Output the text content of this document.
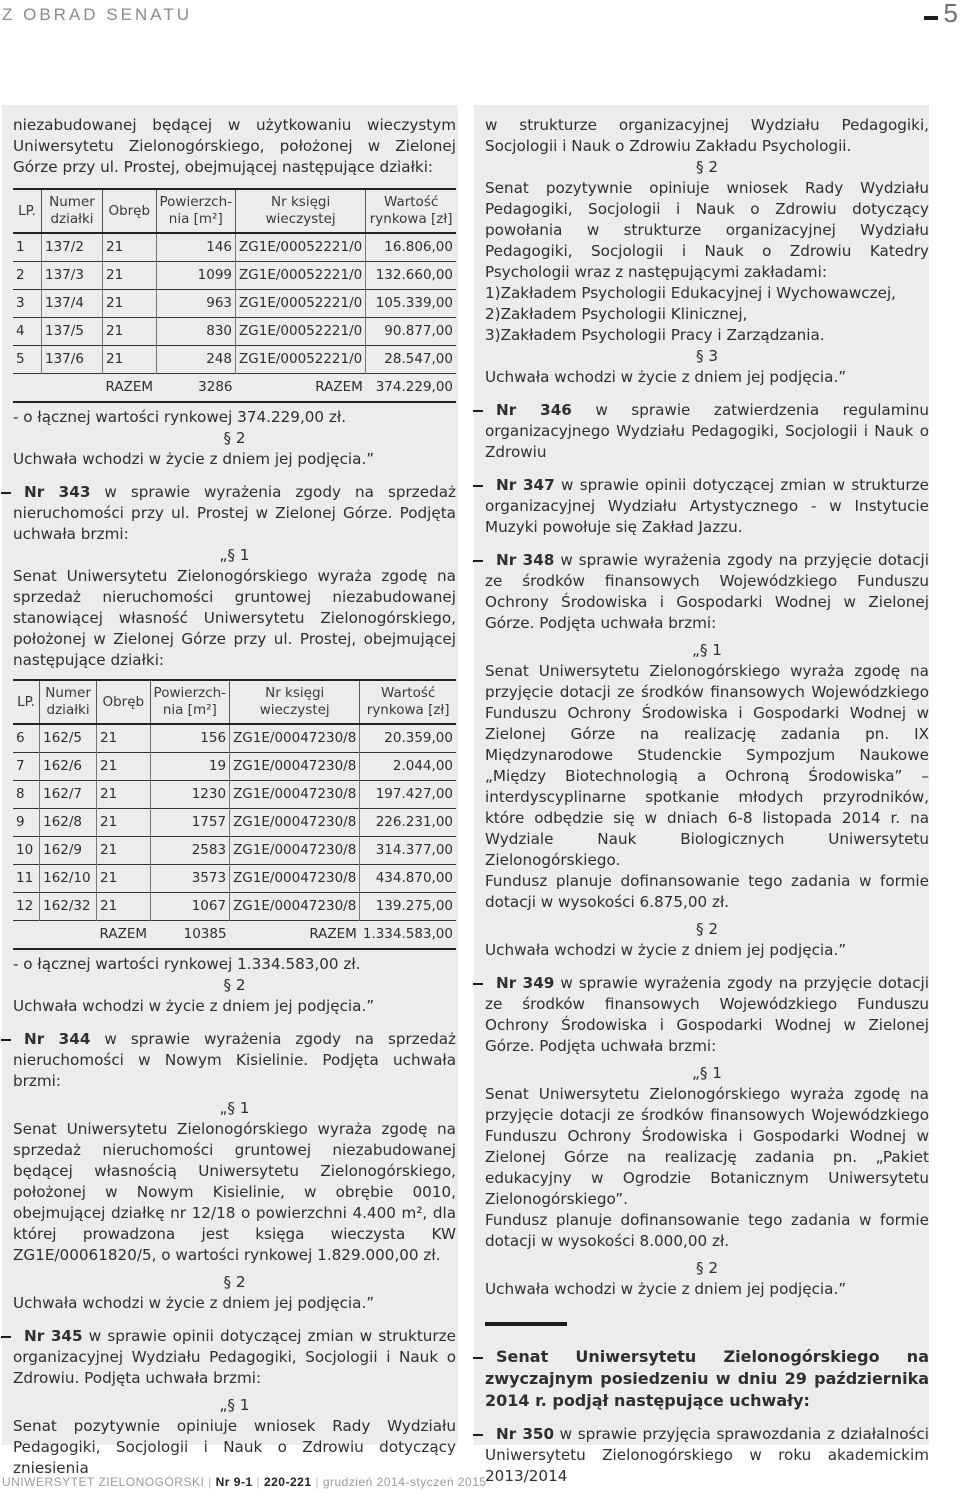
Z OBRAD SENATU	5

niezabudowanej będącej w użytkowaniu wieczystym Uniwersytetu Zielonogórskiego, położonej w Zielonej Górze przy ul. Prostej, obejmującej następujące działki:

LP.	Numer działki	Obręb	Powierzch-nia [m²]	Nr księgi wieczystej	Wartość rynkowa [zł]
1	137/2	21	146	ZG1E/00052221/0	16.806,00
2	137/3	21	1099	ZG1E/00052221/0	132.660,00
3	137/4	21	963	ZG1E/00052221/0	105.339,00
4	137/5	21	830	ZG1E/00052221/0	90.877,00
5	137/6	21	248	ZG1E/00052221/0	28.547,00
		RAZEM	3286	RAZEM	374.229,00

- o łącznej wartości rynkowej 374.229,00 zł.

§ 2

Uchwała wchodzi w życie z dniem jej podjęcia.”

Nr 343 w sprawie wyrażenia zgody na sprzedaż nieruchomości przy ul. Prostej w Zielonej Górze. Podjęta uchwała brzmi:

„§ 1

Senat Uniwersytetu Zielonogórskiego wyraża zgodę na sprzedaż nieruchomości gruntowej niezabudowanej stanowiącej własność Uniwersytetu Zielonogórskiego, położonej w Zielonej Górze przy ul. Prostej, obejmującej następujące działki:

LP.	Numer działki	Obręb	Powierzch-nia [m²]	Nr księgi wieczystej	Wartość rynkowa [zł]
6	162/5	21	156	ZG1E/00047230/8	20.359,00
7	162/6	21	19	ZG1E/00047230/8	2.044,00
8	162/7	21	1230	ZG1E/00047230/8	197.427,00
9	162/8	21	1757	ZG1E/00047230/8	226.231,00
10	162/9	21	2583	ZG1E/00047230/8	314.377,00
11	162/10	21	3573	ZG1E/00047230/8	434.870,00
12	162/32	21	1067	ZG1E/00047230/8	139.275,00
		RAZEM	10385	RAZEM	1.334.583,00

- o łącznej wartości rynkowej 1.334.583,00 zł.

§ 2

Uchwała wchodzi w życie z dniem jej podjęcia.”

Nr 344 w sprawie wyrażenia zgody na sprzedaż nieruchomości w Nowym Kisielinie. Podjęta uchwała brzmi:

„§ 1

Senat Uniwersytetu Zielonogórskiego wyraża zgodę na sprzedaż nieruchomości gruntowej niezabudowanej będącej własnością Uniwersytetu Zielonogórskiego, położonej w Nowym Kisielinie, w obrębie 0010, obejmującej działkę nr 12/18 o powierzchni 4.400 m², dla której prowadzona jest księga wieczysta KW ZG1E/00061820/5, o wartości rynkowej 1.829.000,00 zł.

§ 2

Uchwała wchodzi w życie z dniem jej podjęcia.”

Nr 345 w sprawie opinii dotyczącej zmian w strukturze organizacyjnej Wydziału Pedagogiki, Socjologii i Nauk o Zdrowiu. Podjęta uchwała brzmi:

„§ 1

Senat pozytywnie opiniuje wniosek Rady Wydziału Pedagogiki, Socjologii i Nauk o Zdrowiu dotyczący zniesienia

w strukturze organizacyjnej Wydziału Pedagogiki, Socjologii i Nauk o Zdrowiu Zakładu Psychologii.

§ 2

Senat pozytywnie opiniuje wniosek Rady Wydziału Pedagogiki, Socjologii i Nauk o Zdrowiu dotyczący powołania w strukturze organizacyjnej Wydziału Pedagogiki, Socjologii i Nauk o Zdrowiu Katedry Psychologii wraz z następującymi zakładami:

1)Zakładem Psychologii Edukacyjnej i Wychowawczej,
2)Zakładem Psychologii Klinicznej,
3)Zakładem Psychologii Pracy i Zarządzania.

§ 3

Uchwała wchodzi w życie z dniem jej podjęcia.”

Nr 346 w sprawie zatwierdzenia regulaminu organizacyjnego Wydziału Pedagogiki, Socjologii i Nauk o Zdrowiu

Nr 347 w sprawie opinii dotyczącej zmian w strukturze organizacyjnej Wydziału Artystycznego - w Instytucie Muzyki powołuje się Zakład Jazzu.

Nr 348 w sprawie wyrażenia zgody na przyjęcie dotacji ze środków finansowych Wojewódzkiego Funduszu Ochrony Środowiska i Gospodarki Wodnej w Zielonej Górze. Podjęta uchwała brzmi:

„§ 1

Senat Uniwersytetu Zielonogórskiego wyraża zgodę na przyjęcie dotacji ze środków finansowych Wojewódzkiego Funduszu Ochrony Środowiska i Gospodarki Wodnej w Zielonej Górze na realizację zadania pn. IX Międzynarodowe Studenckie Sympozjum Naukowe „Między Biotechnologią a Ochroną Środowiska” – interdyscyplinarne spotkanie młodych przyrodników, które odbędzie się w dniach 6-8 listopada 2014 r. na Wydziale Nauk Biologicznych Uniwersytetu Zielonogórskiego.

Fundusz planuje dofinansowanie tego zadania w formie dotacji w wysokości 6.875,00 zł.

§ 2

Uchwała wchodzi w życie z dniem jej podjęcia.”

Nr 349 w sprawie wyrażenia zgody na przyjęcie dotacji ze środków finansowych Wojewódzkiego Funduszu Ochrony Środowiska i Gospodarki Wodnej w Zielonej Górze. Podjęta uchwała brzmi:

„§ 1

Senat Uniwersytetu Zielonogórskiego wyraża zgodę na przyjęcie dotacji ze środków finansowych Wojewódzkiego Funduszu Ochrony Środowiska i Gospodarki Wodnej w Zielonej Górze na realizację zadania pn. „Pakiet edukacyjny w Ogrodzie Botanicznym Uniwersytetu Zielonogórskiego”.

Fundusz planuje dofinansowanie tego zadania w formie dotacji w wysokości 8.000,00 zł.

§ 2

Uchwała wchodzi w życie z dniem jej podjęcia.”

Senat Uniwersytetu Zielonogórskiego na zwyczajnym posiedzeniu w dniu 29 października 2014 r. podjął następujące uchwały:

Nr 350 w sprawie przyjęcia sprawozdania z działalności Uniwersytetu Zielonogórskiego w roku akademickim 2013/2014

UNIWERSYTET ZIELONOGÓRSKI | Nr 9-1 | 220-221 | grudzień 2014-styczeń 2015
